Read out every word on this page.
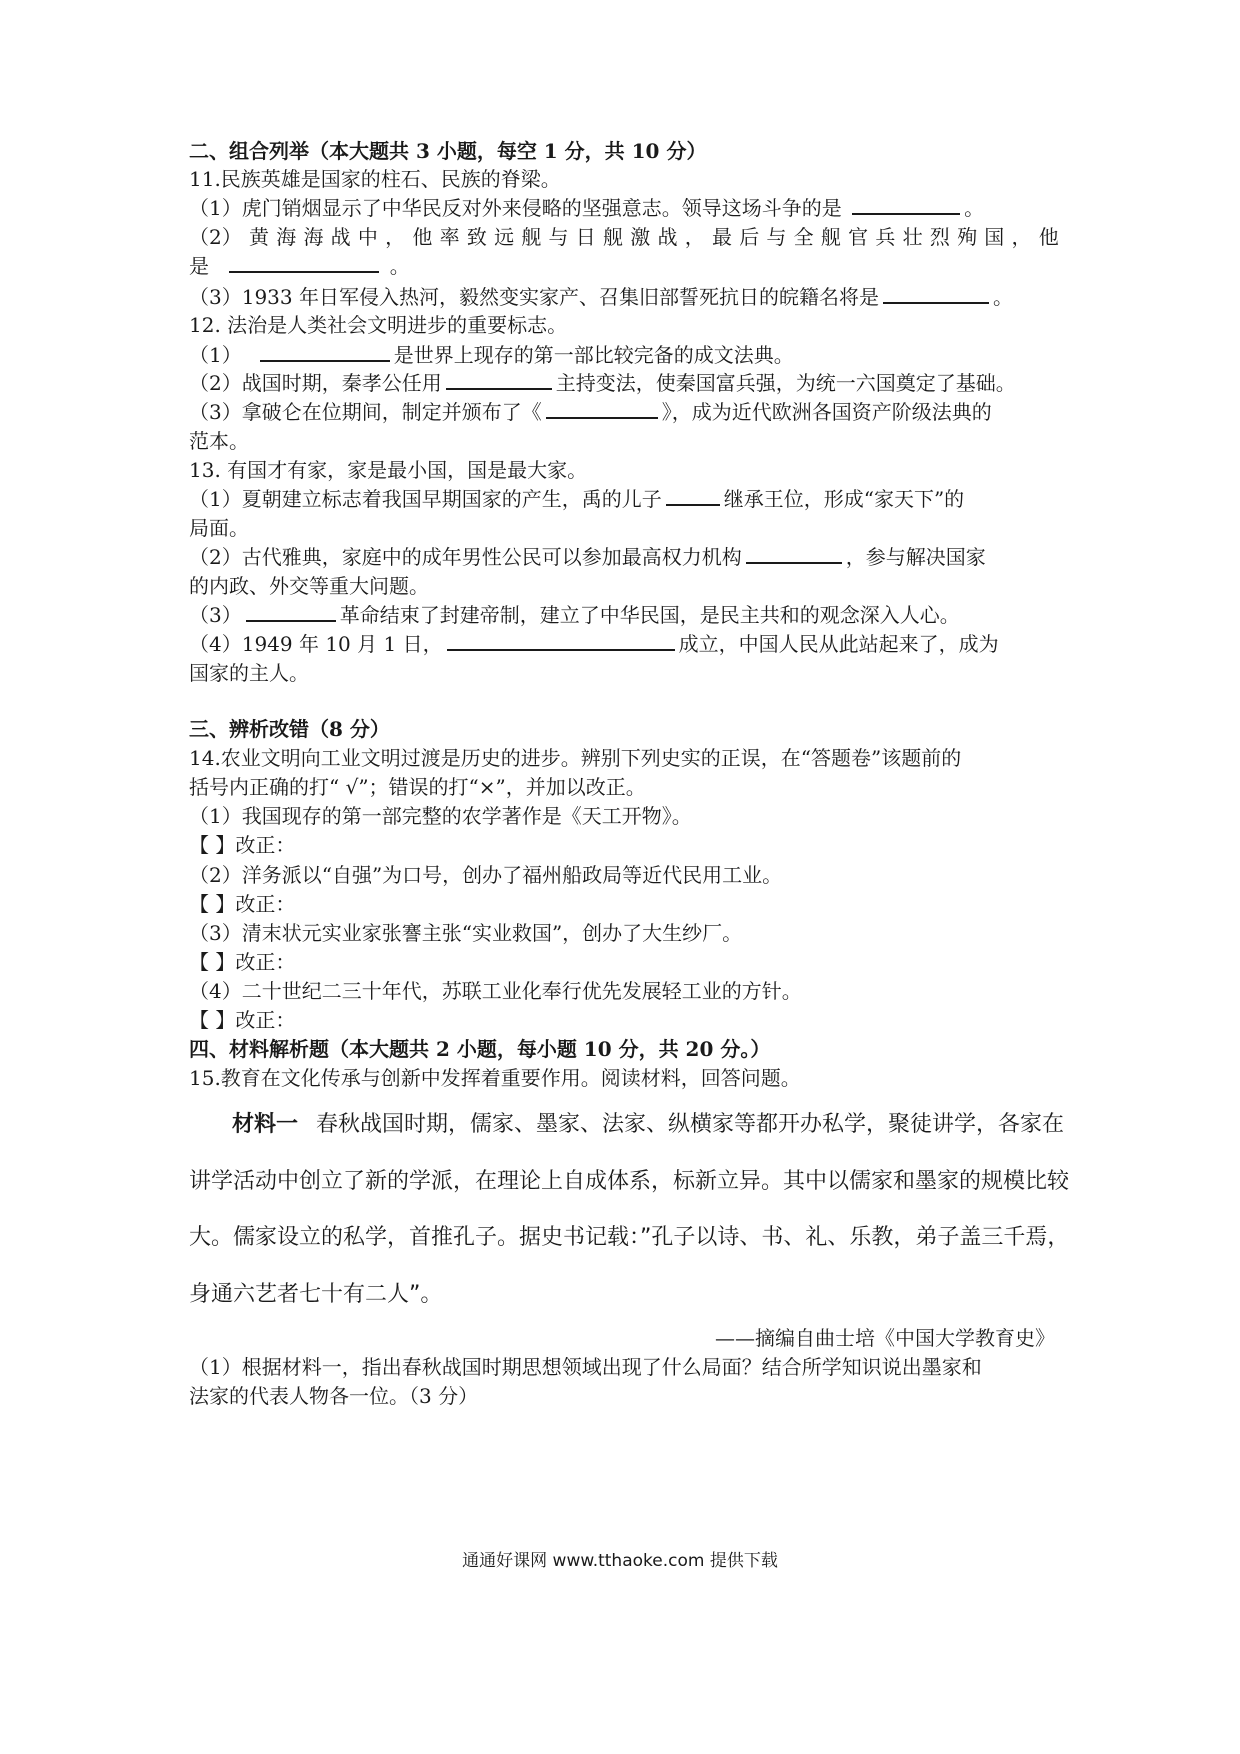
二、组合列举（本大题共 3 小题，每空 1 分，共 10 分）
11.民族英雄是国家的柱石、民族的脊梁。
（1）虎门销烟显示了中华民反对外来侵略的坚强意志。领导这场斗争的是	。
（2） 黄 海 海 战 中 ， 他 率 致 远 舰 与 日 舰 激 战 ， 最 后 与 全 舰 官 兵 壮 烈 殉 国 ， 他
是	。
（3）1933 年日军侵入热河，毅然变实家产、召集旧部誓死抗日的皖籍名将是	。
12. 法治是人类社会文明进步的重要标志。
（1）	是世界上现存的第一部比较完备的成文法典。
（2）战国时期，秦孝公任用	主持变法，使秦国富兵强，为统一六国奠定了基础。
（3）拿破仑在位期间，制定并颁布了《	》，成为近代欧洲各国资产阶级法典的
范本。
13. 有国才有家，家是最小国，国是最大家。
（1）夏朝建立标志着我国早期国家的产生，禹的儿子	继承王位，形成“家天下”的
局面。
（2）古代雅典，家庭中的成年男性公民可以参加最高权力机构	，参与解决国家
的内政、外交等重大问题。
（3）	革命结束了封建帝制，建立了中华民国，是民主共和的观念深入人心。
（4）1949 年 10 月 1 日，	成立，中国人民从此站起来了，成为
国家的主人。
三、辨析改错（8 分）
14.农业文明向工业文明过渡是历史的进步。辨别下列史实的正误，在“答题卷”该题前的
括号内正确的打“ √”；错误的打“×”，并加以改正。
（1）我国现存的第一部完整的农学著作是《天工开物》。
【 】改正：
（2）洋务派以“自强”为口号，创办了福州船政局等近代民用工业。
【 】改正：
（3）清末状元实业家张謇主张“实业救国”，创办了大生纱厂。
【 】改正：
（4）二十世纪二三十年代，苏联工业化奉行优先发展轻工业的方针。
【 】改正：
四、材料解析题（本大题共 2 小题，每小题 10 分，共 20 分。）
15.教育在文化传承与创新中发挥着重要作用。阅读材料，回答问题。
材料一 春秋战国时期，儒家、墨家、法家、纵横家等都开办私学，聚徒讲学，各家在
讲学活动中创立了新的学派，在理论上自成体系，标新立异。其中以儒家和墨家的规模比较
大。儒家设立的私学，首推孔子。据史书记载：”孔子以诗、书、礼、乐教，弟子盖三千焉，
身通六艺者七十有二人”。
——摘编自曲士培《中国大学教育史》
（1）根据材料一，指出春秋战国时期思想领域出现了什么局面？结合所学知识说出墨家和
法家的代表人物各一位。（3 分）
通通好课网 www.tthaoke.com 提供下载
